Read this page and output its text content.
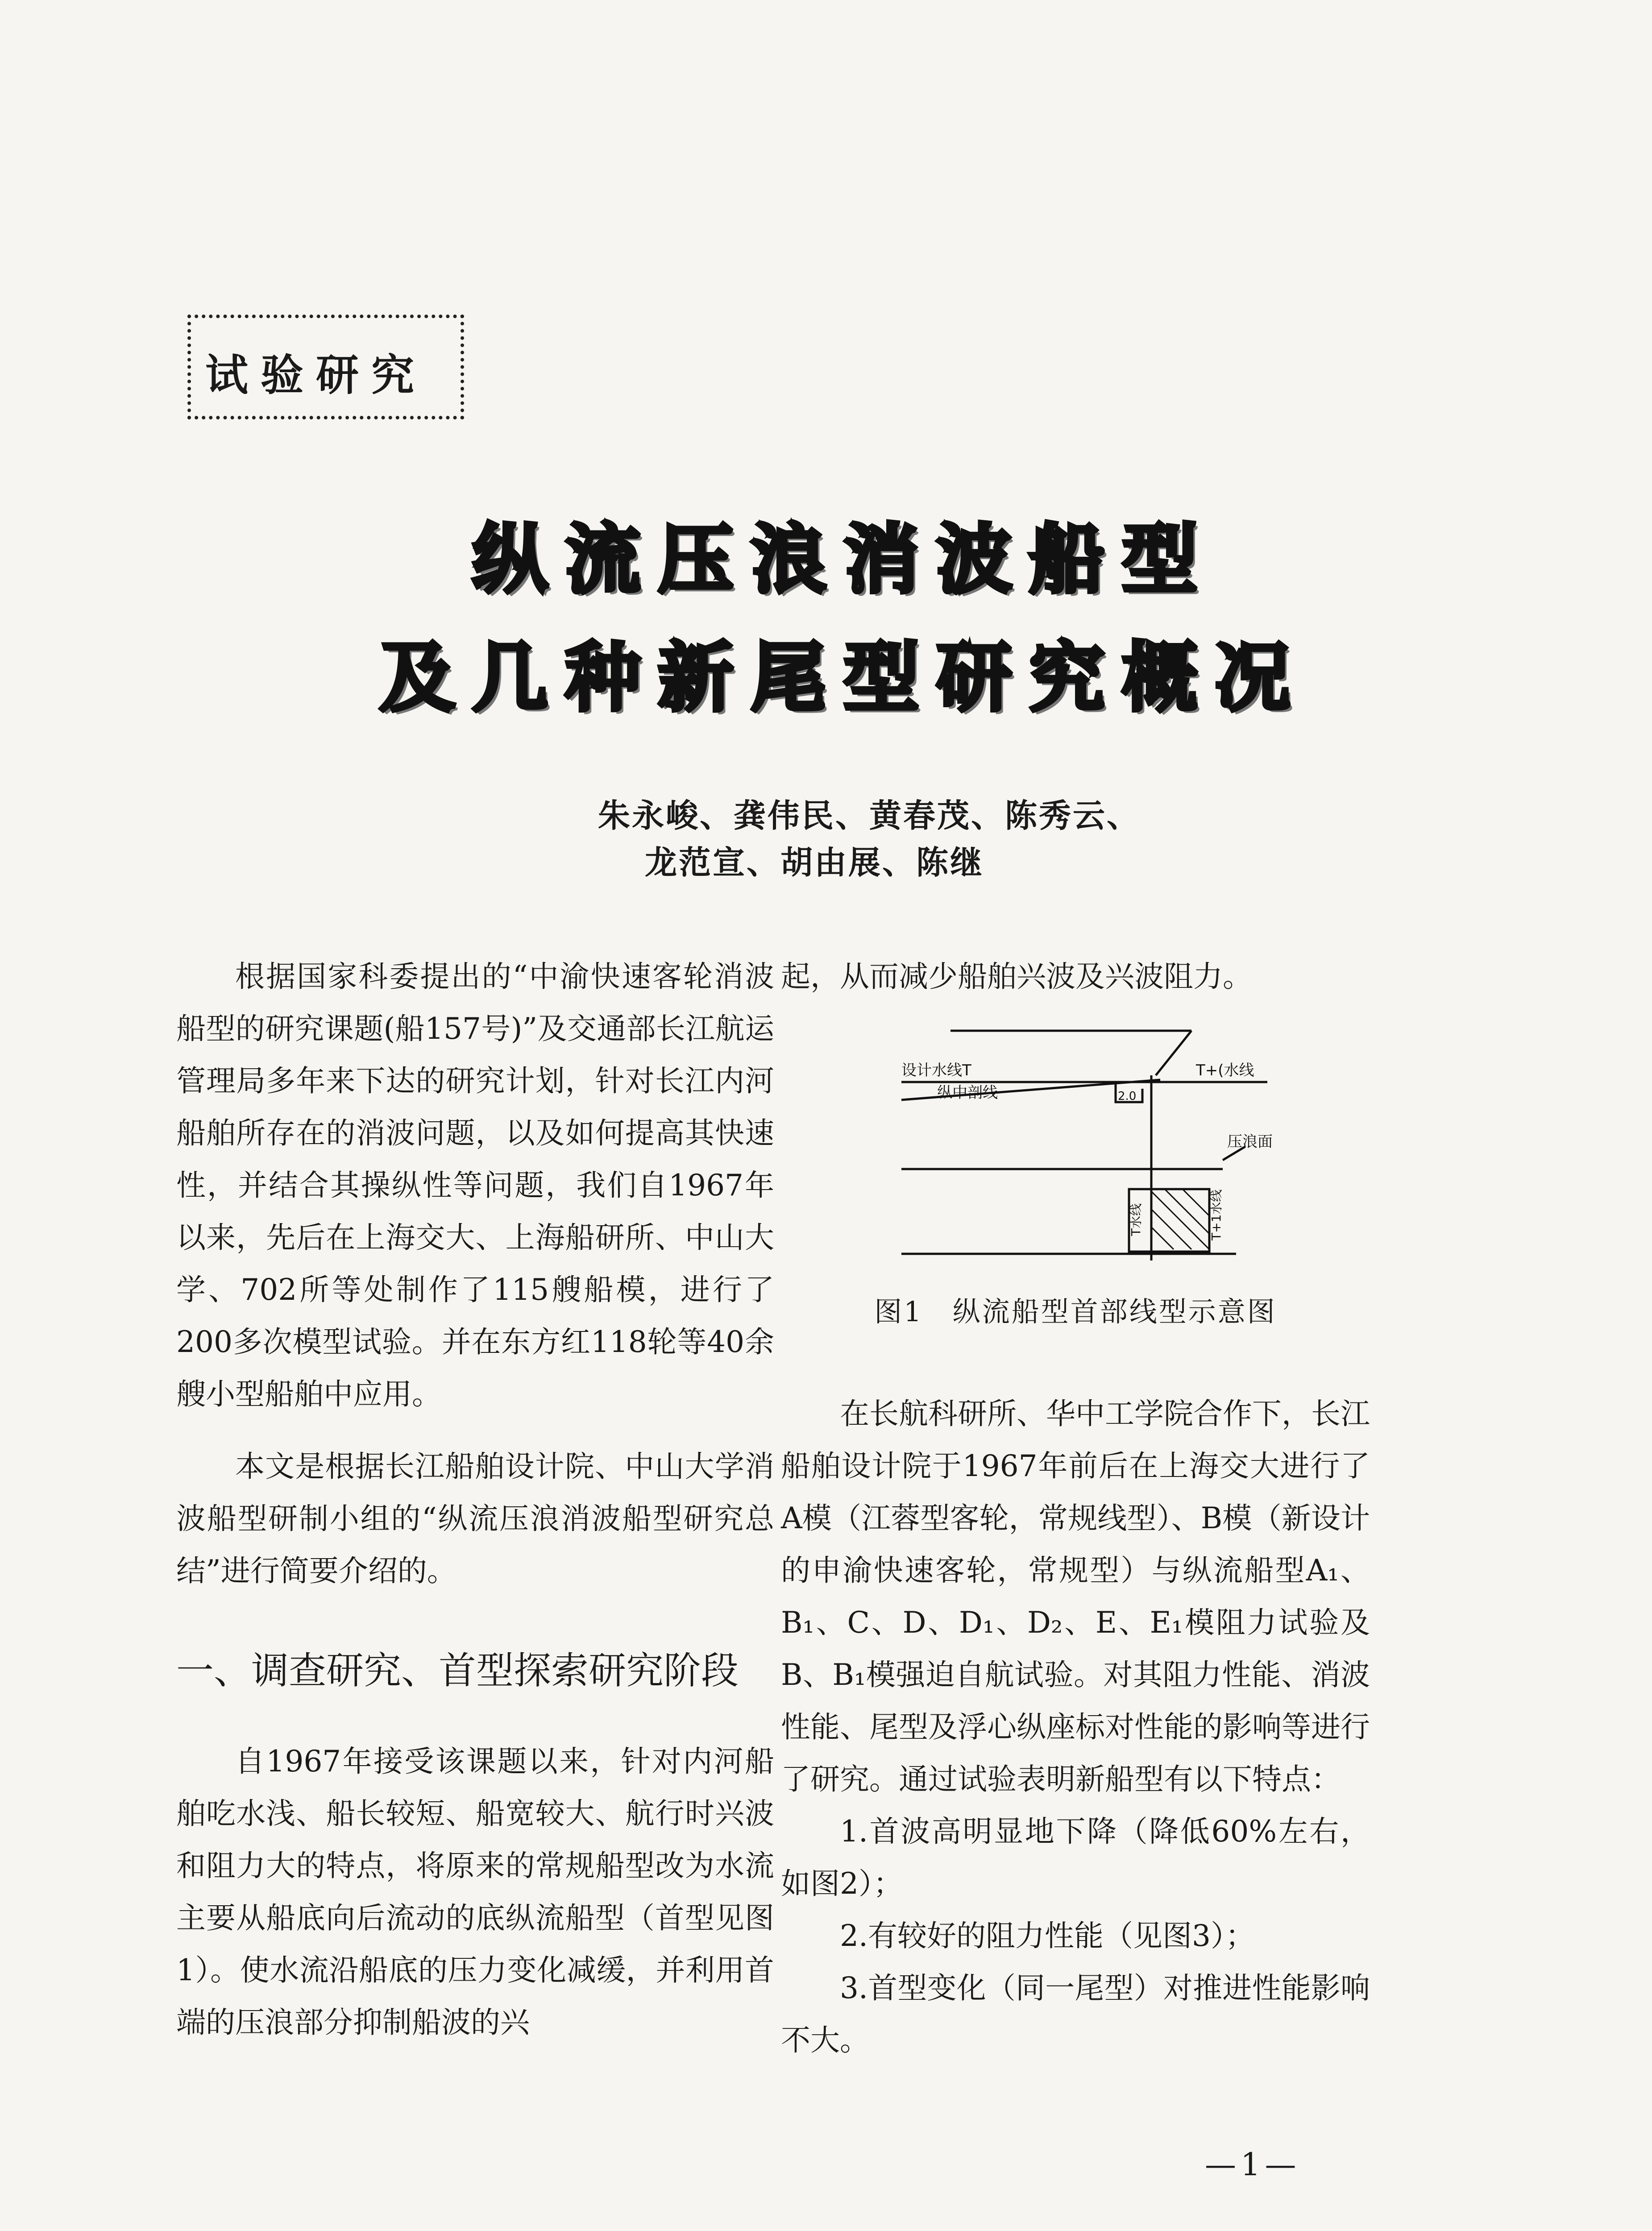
试验研究
纵流压浪消波船型
及几种新尾型研究概况
朱永峻、龚伟民、黄春茂、陈秀云、
龙范宣、胡由展、陈继

根据国家科委提出的“中渝快速客轮消波船型的研究课题(船157号)”及交通部长江航运管理局多年来下达的研究计划，针对长江内河船舶所存在的消波问题，以及如何提高其快速性，并结合其操纵性等问题，我们自1967年以来，先后在上海交大、上海船研所、中山大学、702所等处制作了115艘船模，进行了200多次模型试验。并在东方红118轮等40余艘小型船舶中应用。

本文是根据长江船舶设计院、中山大学消波船型研制小组的“纵流压浪消波船型研究总结”进行简要介绍的。

一、调查研究、首型探索研究阶段

自1967年接受该课题以来，针对内河船舶吃水浅、船长较短、船宽较大、航行时兴波和阻力大的特点，将原来的常规船型改为水流主要从船底向后流动的底纵流船型（首型见图1）。使水流沿船底的压力变化减缓，并利用首端的压浪部分抑制船波的兴

起，从而减少船舶兴波及兴波阻力。

设计水线T
纵中剖线	2.0
T+(水线
压浪面
T水线	T+1水线
图1　纵流船型首部线型示意图

在长航科研所、华中工学院合作下，长江船舶设计院于1967年前后在上海交大进行了A模（江蓉型客轮，常规线型）、B模（新设计的申渝快速客轮，常规型）与纵流船型A₁、B₁、C、D、D₁、D₂、E、E₁模阻力试验及B、B₁模强迫自航试验。对其阻力性能、消波性能、尾型及浮心纵座标对性能的影响等进行了研究。通过试验表明新船型有以下特点：

1.首波高明显地下降（降低60%左右，如图2）；

2.有较好的阻力性能（见图3）；

3.首型变化（同一尾型）对推进性能影响不大。

—1—
